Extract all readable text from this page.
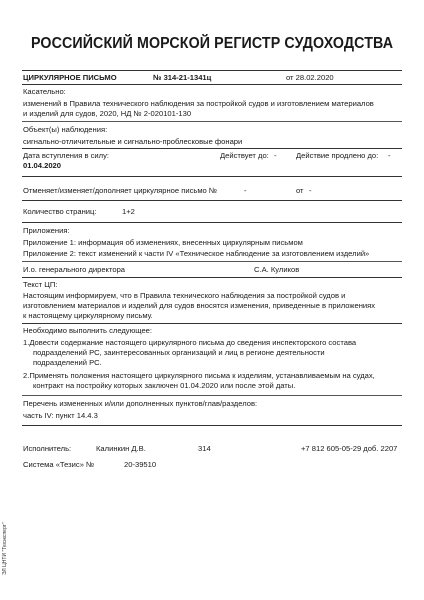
РОССИЙСКИЙ МОРСКОЙ РЕГИСТР СУДОХОДСТВА
ЦИРКУЛЯРНОЕ ПИСЬМО	№ 314-21-1341ц	от 28.02.2020
Касательно:
изменений в Правила технического наблюдения за постройкой судов и изготовлением материалов
и изделий для судов, 2020, НД № 2-020101-130
Объект(ы) наблюдения:
сигнально-отличительные и сигнально-проблесковые фонари
Дата вступления в силу:
01.04.2020
Действует до: -	Действие продлено до: -
Отменяет/изменяет/дополняет циркулярное письмо №	-	от -
Количество страниц:	1+2
Приложения:
Приложение 1: информация об изменениях, внесенных циркулярным письмом
Приложение 2: текст изменений к части IV «Техническое наблюдение за изготовлением изделий»
И.о. генерального директора	С.А. Куликов
Текст ЦП:
Настоящим информируем, что в Правила технического наблюдения за постройкой судов и
изготовлением материалов и изделий для судов вносятся изменения, приведенные в приложениях
к настоящему циркулярному письму.
Необходимо выполнить следующее:
1.Довести содержание настоящего циркулярного письма до сведения инспекторского состава
подразделений РС, заинтересованных организаций и лиц в регионе деятельности
подразделений РС.
2.Применять положения настоящего циркулярного письма к изделиям, устанавливаемым на судах,
контракт на постройку которых заключен 01.04.2020 или после этой даты.
Перечень измененных и/или дополненных пунктов/глав/разделов:
часть IV: пункт 14.4.3
Исполнитель:	Калинкин Д.В.	314	+7 812 605-05-29 доб. 2207
Система «Тезис» №	20-39510
ЭЛ ЦНТИ "Техэксперт"
